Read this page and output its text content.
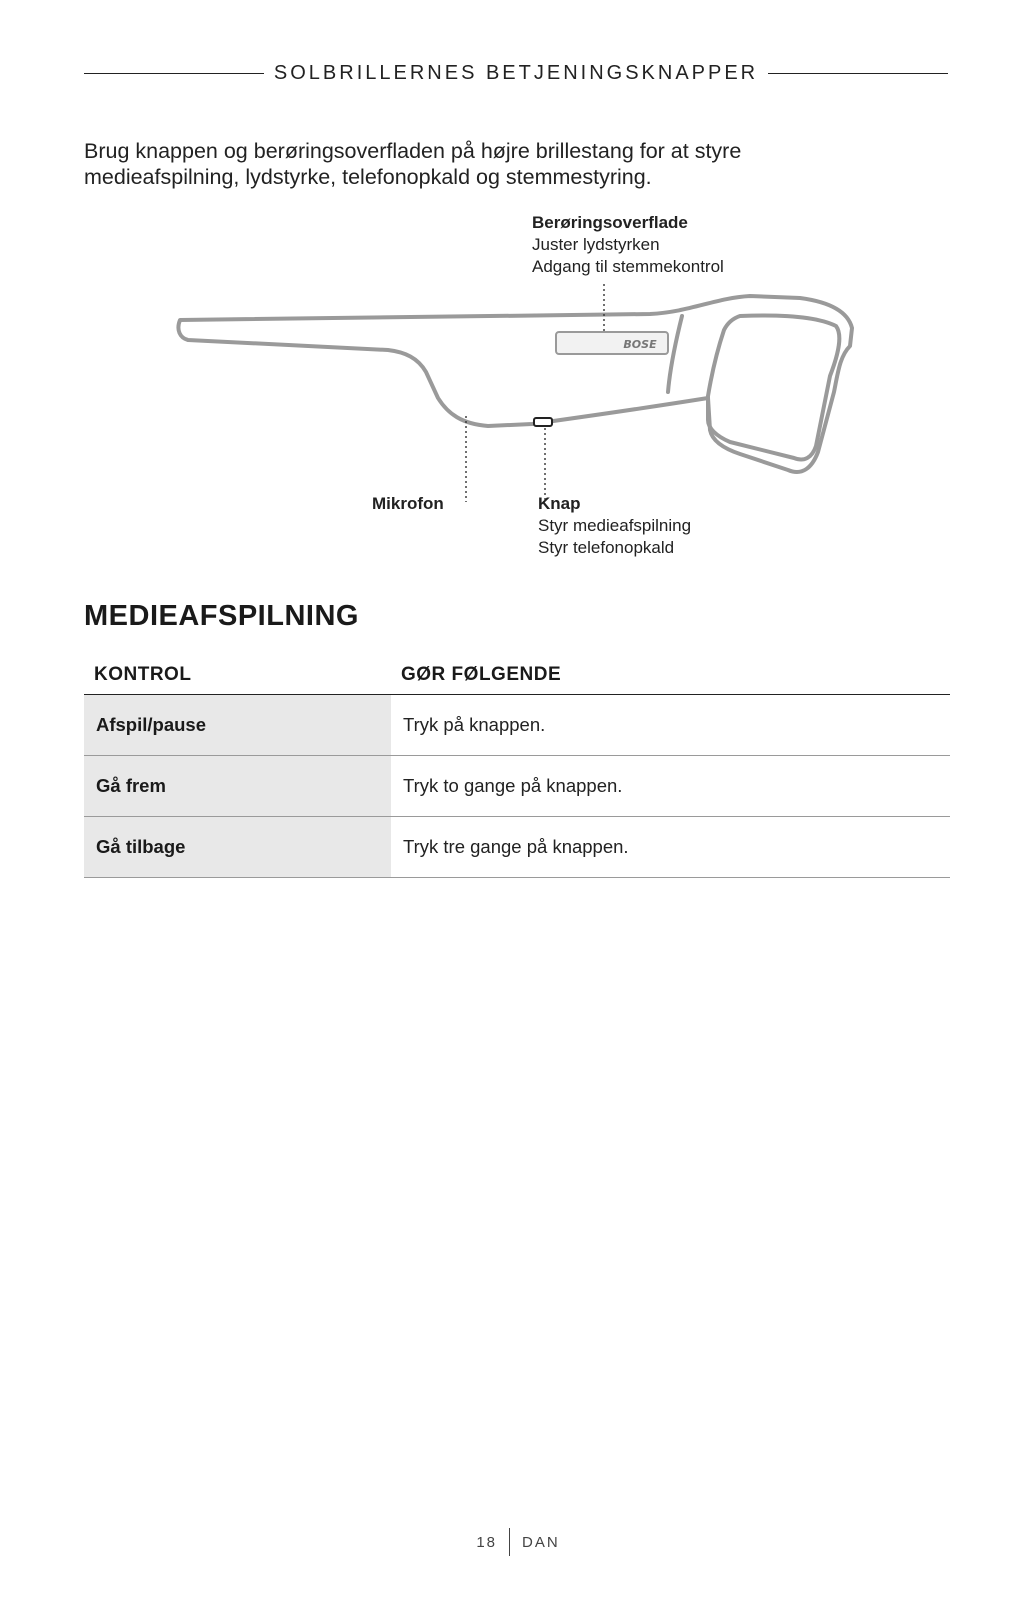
SOLBRILLERNES BETJENINGSKNAPPER
Brug knappen og berøringsoverfladen på højre brillestang for at styre
medieafspilning, lydstyrke, telefonopkald og stemmestyring.
BOSE
Berøringsoverflade
Juster lydstyrken
Adgang til stemmekontrol
Mikrofon	Knap
Styr medieafspilning
Styr telefonopkald
MEDIEAFSPILNING
KONTROL	GØR FØLGENDE
Afspil/pause	Tryk på knappen.
Gå frem	Tryk to gange på knappen.
Gå tilbage	Tryk tre gange på knappen.
18 DAN
